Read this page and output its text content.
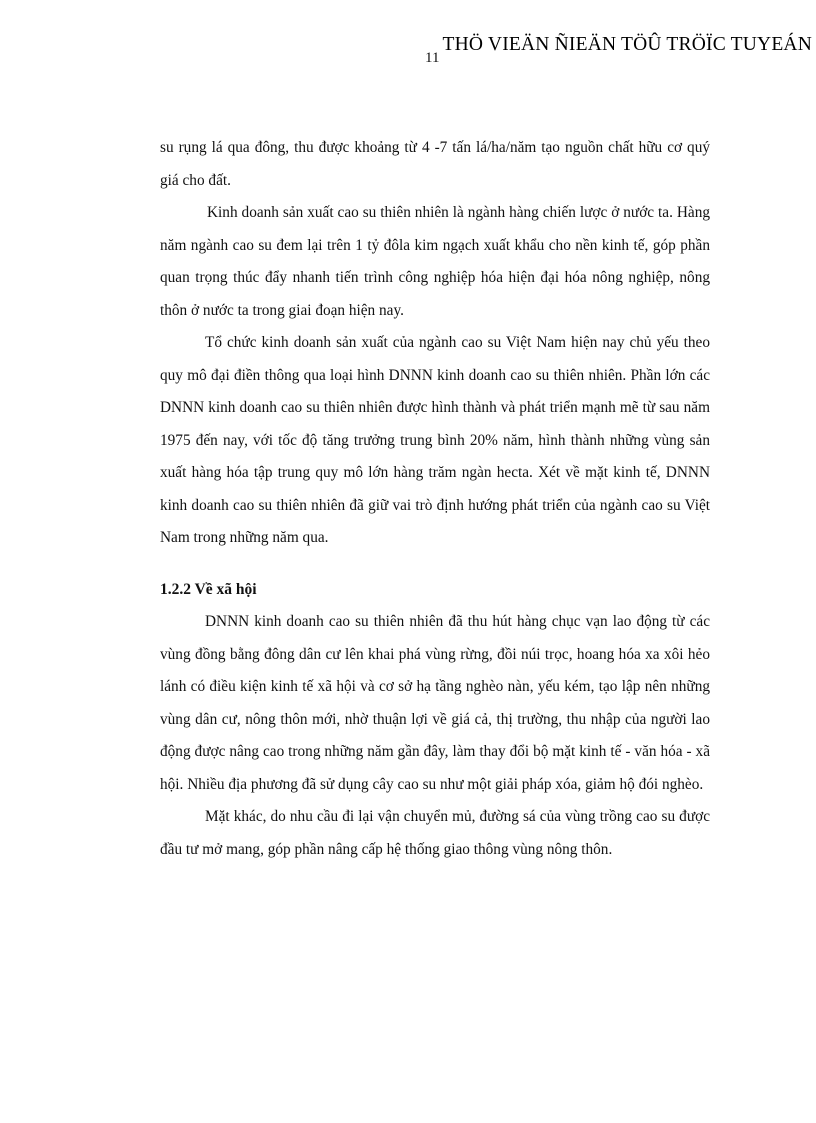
THÖ VIEÄN ÑIEÄN TÖÛ TRÖÏC TUYEÁN
11

su rụng lá qua đông, thu được khoảng từ 4 -7 tấn lá/ha/năm tạo nguồn chất hữu cơ quý giá cho đất.

Kinh doanh sản xuất cao su thiên nhiên là ngành hàng chiến lược ở nước ta. Hàng năm ngành cao su đem lại trên 1 tỷ đôla kim ngạch xuất khẩu cho nền kinh tế, góp phần quan trọng thúc đẩy nhanh tiến trình công nghiệp hóa hiện đại hóa nông nghiệp, nông thôn ở nước ta trong giai đoạn hiện nay.

Tổ chức kinh doanh sản xuất của ngành cao su Việt Nam hiện nay chủ yếu theo quy mô đại điền thông qua loại hình DNNN kinh doanh cao su thiên nhiên. Phần lớn các DNNN kinh doanh cao su thiên nhiên được hình thành và phát triển mạnh mẽ từ sau năm 1975 đến nay, với tốc độ tăng trưởng trung bình 20% năm, hình thành những vùng sản xuất hàng hóa tập trung quy mô lớn hàng trăm ngàn hecta. Xét về mặt kinh tế, DNNN kinh doanh cao su thiên nhiên đã giữ vai trò định hướng phát triển của ngành cao su Việt Nam trong những năm qua.

1.2.2 Về xã hội

DNNN kinh doanh cao su thiên nhiên đã thu hút hàng chục vạn lao động từ các vùng đồng bằng đông dân cư lên khai phá vùng rừng, đồi núi trọc, hoang hóa xa xôi hẻo lánh có điều kiện kinh tế xã hội và cơ sở hạ tầng nghèo nàn, yếu kém, tạo lập nên những vùng dân cư, nông thôn mới, nhờ thuận lợi về giá cả, thị trường, thu nhập của người lao động được nâng cao trong những năm gần đây, làm thay đổi bộ mặt kinh tế - văn hóa - xã hội. Nhiều địa phương đã sử dụng cây cao su như một giải pháp xóa, giảm hộ đói nghèo.

Mặt khác, do nhu cầu đi lại vận chuyển mủ, đường sá của vùng trồng cao su được đầu tư mở mang, góp phần nâng cấp hệ thống giao thông vùng nông thôn.
